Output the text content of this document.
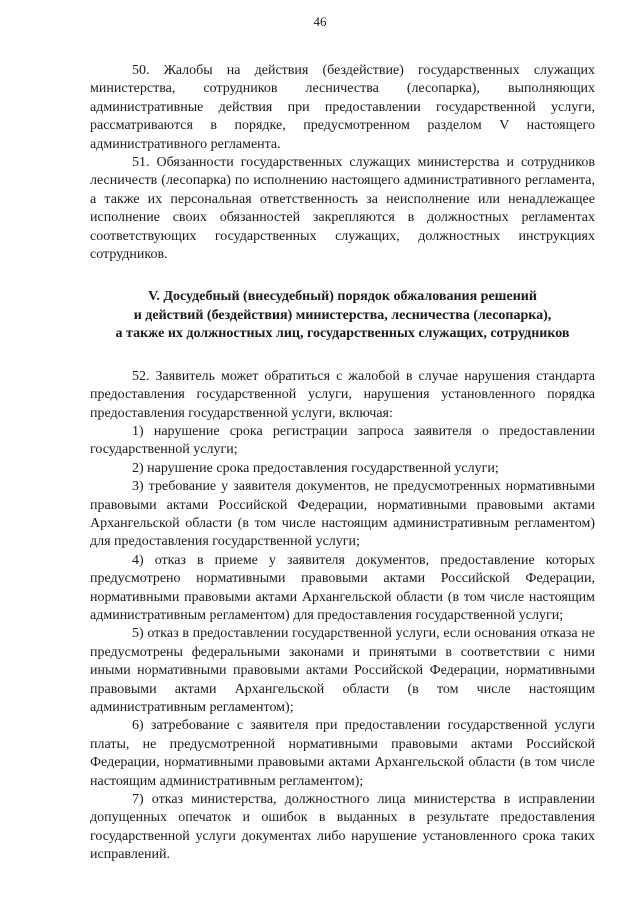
46

50. Жалобы на действия (бездействие) государственных служащих министерства, сотрудников лесничества (лесопарка), выполняющих административные действия при предоставлении государственной услуги, рассматриваются в порядке, предусмотренном разделом V настоящего административного регламента.

51. Обязанности государственных служащих министерства и сотрудников лесничеств (лесопарка) по исполнению настоящего административного регламента, а также их персональная ответственность за неисполнение или ненадлежащее исполнение своих обязанностей закрепляются в должностных регламентах соответствующих государственных служащих, должностных инструкциях сотрудников.

V. Досудебный (внесудебный) порядок обжалования решений
и действий (бездействия) министерства, лесничества (лесопарка),
а также их должностных лиц, государственных служащих, сотрудников

52. Заявитель может обратиться с жалобой в случае нарушения стандарта предоставления государственной услуги, нарушения установленного порядка предоставления государственной услуги, включая:

1) нарушение срока регистрации запроса заявителя о предоставлении государственной услуги;

2) нарушение срока предоставления государственной услуги;

3) требование у заявителя документов, не предусмотренных нормативными правовыми актами Российской Федерации, нормативными правовыми актами Архангельской области (в том числе настоящим административным регламентом) для предоставления государственной услуги;

4) отказ в приеме у заявителя документов, предоставление которых предусмотрено нормативными правовыми актами Российской Федерации, нормативными правовыми актами Архангельской области (в том числе настоящим административным регламентом) для предоставления государственной услуги;

5) отказ в предоставлении государственной услуги, если основания отказа не предусмотрены федеральными законами и принятыми в соответствии с ними иными нормативными правовыми актами Российской Федерации, нормативными правовыми актами Архангельской области (в том числе настоящим административным регламентом);

6) затребование с заявителя при предоставлении государственной услуги платы, не предусмотренной нормативными правовыми актами Российской Федерации, нормативными правовыми актами Архангельской области (в том числе настоящим административным регламентом);

7) отказ министерства, должностного лица министерства в исправлении допущенных опечаток и ошибок в выданных в результате предоставления государственной услуги документах либо нарушение установленного срока таких исправлений.
